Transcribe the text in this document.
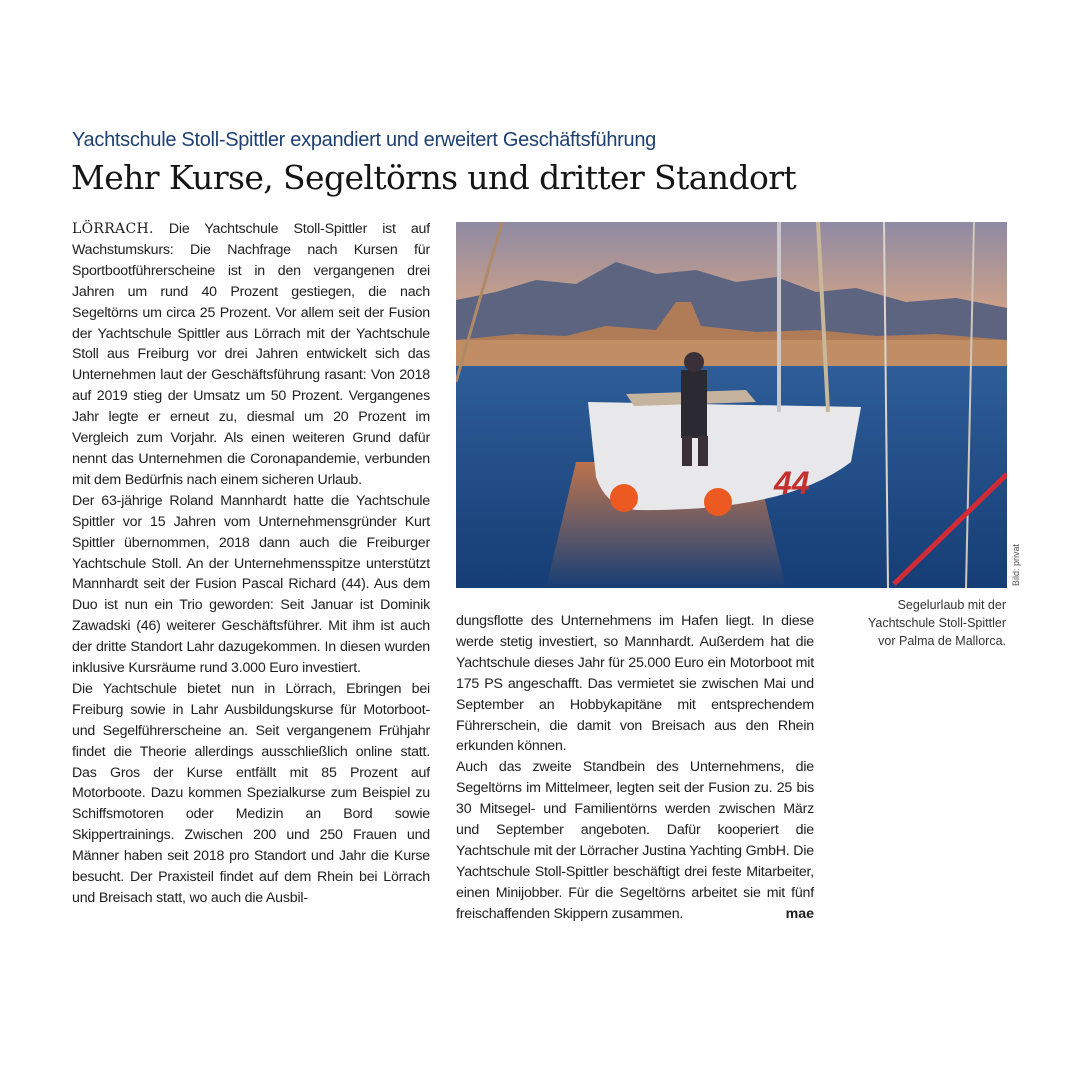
Yachtschule Stoll-Spittler expandiert und erweitert Geschäftsführung
Mehr Kurse, Segeltörns und dritter Standort

LÖRRACH. Die Yachtschule Stoll-Spittler ist auf Wachstumskurs: Die Nachfrage nach Kursen für Sportbootführerscheine ist in den vergangenen drei Jahren um rund 40 Prozent gestiegen, die nach Segeltörns um circa 25 Prozent. Vor allem seit der Fusion der Yachtschule Spittler aus Lörrach mit der Yachtschule Stoll aus Freiburg vor drei Jahren entwickelt sich das Unternehmen laut der Geschäftsführung rasant: Von 2018 auf 2019 stieg der Umsatz um 50 Prozent. Vergangenes Jahr legte er erneut zu, diesmal um 20 Prozent im Vergleich zum Vorjahr. Als einen weiteren Grund dafür nennt das Unternehmen die Coronapandemie, verbunden mit dem Bedürfnis nach einem sicheren Urlaub.

Der 63-jährige Roland Mannhardt hatte die Yachtschule Spittler vor 15 Jahren vom Unternehmensgründer Kurt Spittler übernommen, 2018 dann auch die Freiburger Yachtschule Stoll. An der Unternehmensspitze unterstützt Mannhardt seit der Fusion Pascal Richard (44). Aus dem Duo ist nun ein Trio geworden: Seit Januar ist Dominik Zawadski (46) weiterer Geschäftsführer. Mit ihm ist auch der dritte Standort Lahr dazugekommen. In diesen wurden inklusive Kursräume rund 3.000 Euro investiert.

Die Yachtschule bietet nun in Lörrach, Ebringen bei Freiburg sowie in Lahr Ausbildungskurse für Motorboot- und Segelführerscheine an. Seit vergangenem Frühjahr findet die Theorie allerdings ausschließlich online statt. Das Gros der Kurse entfällt mit 85 Prozent auf Motorboote. Dazu kommen Spezialkurse zum Beispiel zu Schiffsmotoren oder Medizin an Bord sowie Skippertrainings. Zwischen 200 und 250 Frauen und Männer haben seit 2018 pro Standort und Jahr die Kurse besucht. Der Praxisteil findet auf dem Rhein bei Lörrach und Breisach statt, wo auch die Ausbil-

44
Bild: privat
Segelurlaub mit der
Yachtschule Stoll-Spittler
vor Palma de Mallorca.

dungsflotte des Unternehmens im Hafen liegt. In diese werde stetig investiert, so Mannhardt. Außerdem hat die Yachtschule dieses Jahr für 25.000 Euro ein Motorboot mit 175 PS angeschafft. Das vermietet sie zwischen Mai und September an Hobbykapitäne mit entsprechendem Führerschein, die damit von Breisach aus den Rhein erkunden können.

Auch das zweite Standbein des Unternehmens, die Segeltörns im Mittelmeer, legten seit der Fusion zu. 25 bis 30 Mitsegel- und Familientörns werden zwischen März und September angeboten. Dafür kooperiert die Yachtschule mit der Lörracher Justina Yachting GmbH. Die Yachtschule Stoll-Spittler beschäftigt drei feste Mitarbeiter, einen Minijobber. Für die Segeltörns arbeitet sie mit fünf freischaffenden Skippern zusammen.	mae
